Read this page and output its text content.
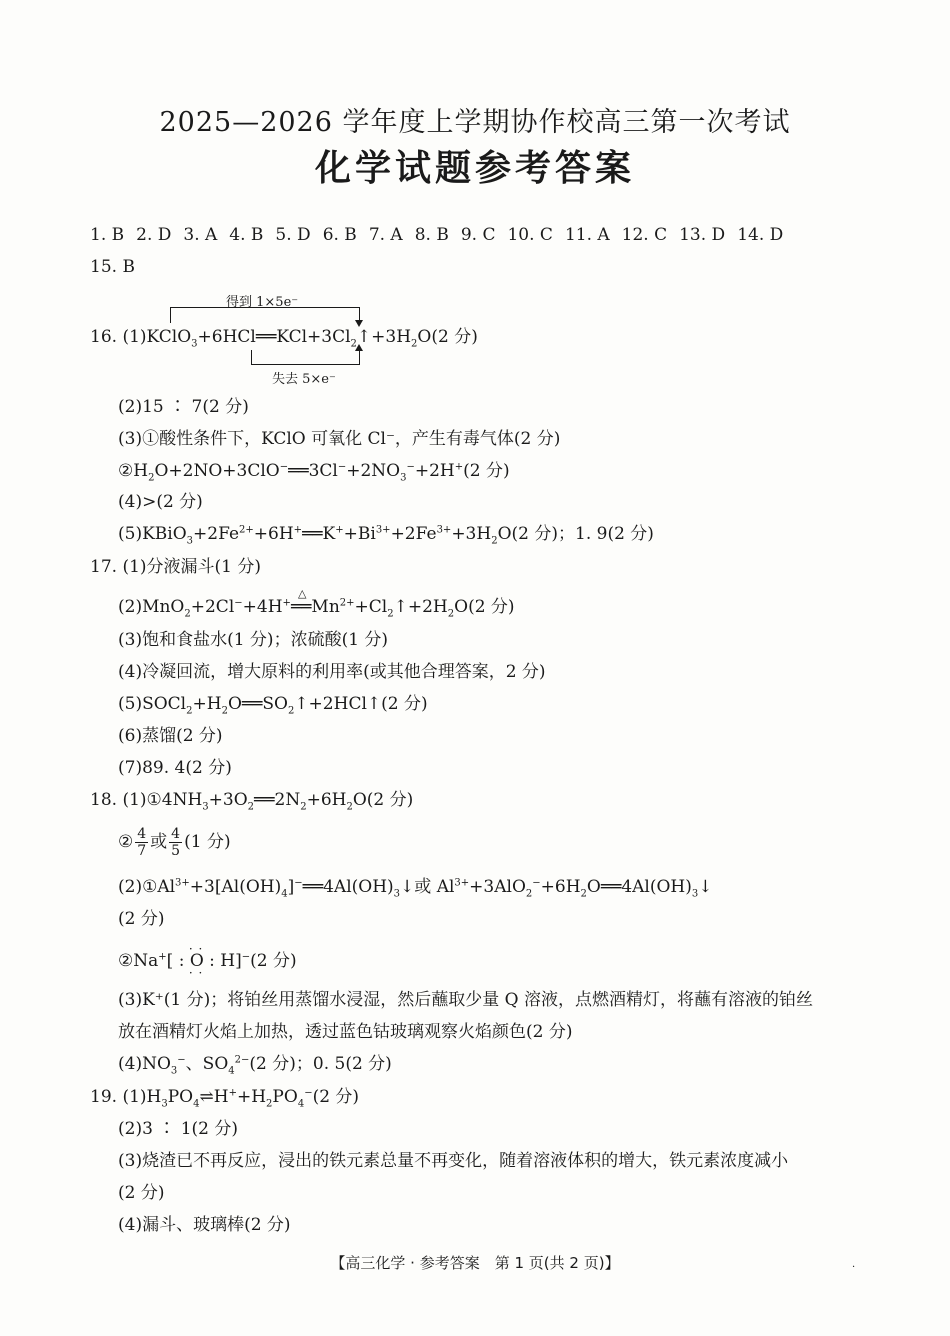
2025—2026 学年度上学期协作校高三第一次考试
化学试题参考答案
1. B 2. D 3. A 4. B 5. D 6. B 7. A 8. B 9. C 10. C 11. A 12. C 13. D 14. D
15. B
得到 1×5e⁻
16. $(1)KClO_3+6HCl══KCl+3Cl_2↑+3H_2O(2$ 分)
失去 5×e⁻
(2)15 ∶ 7(2 分)
(3)①酸性条件下，KClO 可氧化 Cl⁻，产生有毒气体(2 分)
$②H_2O+2NO+3ClO^-══3Cl^-+2NO_3^-+2H^+(2$ 分)
(4)>(2 分)
$(5)KBiO_3+2Fe^{2+}+6H^+══K^++Bi^{3+}+2Fe^{3+}+3H_2O(2$ 分)；1. 9(2 分)
17. (1)分液漏斗(1 分)
(2)MnO$_2$+2Cl−+4H+══
△
$Mn^{2+}+Cl_2↑+2H_2O(2$ 分)
(3)饱和食盐水(1 分)；浓硫酸(1 分)
(4)冷凝回流，增大原料的利用率(或其他合理答案，2 分)
$(5)SOCl_2+H_2O══SO_2↑+2HCl↑(2$ 分)
(6)蒸馏(2 分)
(7)89. 4(2 分)
18. $(1)①4NH_3+3O_2══2N_2+6H_2O(2$ 分)
② $\frac{4}{7}$ 或 $\frac{4}{5} (1$ 分)
$(2)①Al^{3+}+3[Al(OH)_4]^-══4Al(OH)_3↓$或 $Al^{3+}+3AlO_2^-+6H_2O══4Al(OH)_3↓$
(2 分)
②Na+[ : · · O · · : H]−(2 分)
(3)K⁺(1 分)；将铂丝用蒸馏水浸湿，然后蘸取少量 Q 溶液，点燃酒精灯，将蘸有溶液的铂丝
放在酒精灯火焰上加热，透过蓝色钴玻璃观察火焰颜色(2 分)
$(4)NO_3^-$、$SO_4^{2-}(2$ 分)；0. 5(2 分)
19. $(1)H_3PO_4\rightleftharpoons H^++H_2PO_4^-(2$ 分)
(2)3 ∶ 1(2 分)
(3)烧渣已不再反应，浸出的铁元素总量不再变化，随着溶液体积的增大，铁元素浓度减小
(2 分)
(4)漏斗、玻璃棒(2 分)
【高三化学 · 参考答案　第 1 页(共 2 页)】	·
